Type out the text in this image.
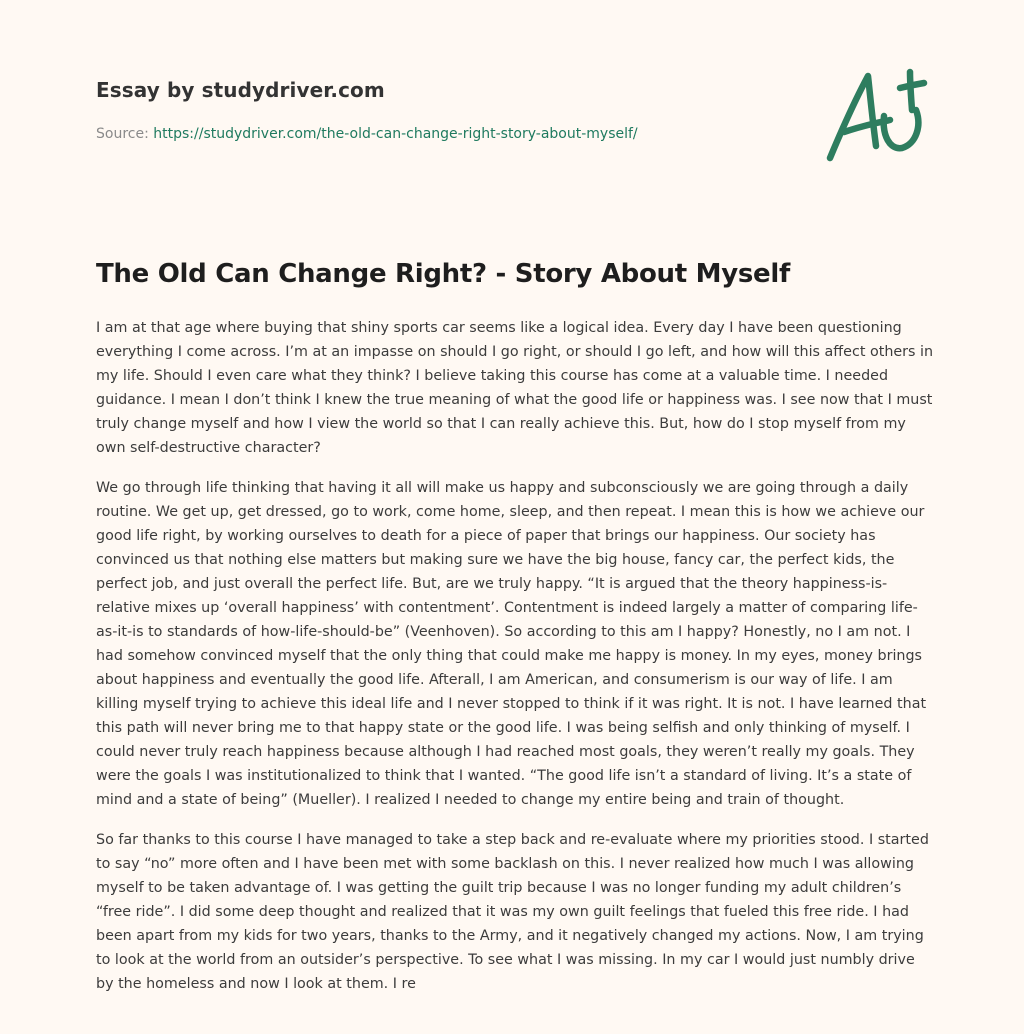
Essay by studydriver.com
Source: https://studydriver.com/the-old-can-change-right-story-about-myself/
The Old Can Change Right? - Story About Myself

I am at that age where buying that shiny sports car seems like a logical idea. Every day I have been questioning everything I come across. I’m at an impasse on should I go right, or should I go left, and how will this affect others in my life. Should I even care what they think? I believe taking this course has come at a valuable time. I needed guidance. I mean I don’t think I knew the true meaning of what the good life or happiness was. I see now that I must truly change myself and how I view the world so that I can really achieve this. But, how do I stop myself from my own self-destructive character?

We go through life thinking that having it all will make us happy and subconsciously we are going through a daily routine. We get up, get dressed, go to work, come home, sleep, and then repeat. I mean this is how we achieve our good life right, by working ourselves to death for a piece of paper that brings our happiness. Our society has convinced us that nothing else matters but making sure we have the big house, fancy car, the perfect kids, the perfect job, and just overall the perfect life. But, are we truly happy. “It is argued that the theory happiness-is-relative mixes up ‘overall happiness’ with contentment’. Contentment is indeed largely a matter of comparing life-as-it-is to standards of how-life-should-be” (Veenhoven). So according to this am I happy? Honestly, no I am not. I had somehow convinced myself that the only thing that could make me happy is money. In my eyes, money brings about happiness and eventually the good life. Afterall, I am American, and consumerism is our way of life. I am killing myself trying to achieve this ideal life and I never stopped to think if it was right. It is not. I have learned that this path will never bring me to that happy state or the good life. I was being selfish and only thinking of myself. I could never truly reach happiness because although I had reached most goals, they weren’t really my goals. They were the goals I was institutionalized to think that I wanted. “The good life isn’t a standard of living. It’s a state of mind and a state of being” (Mueller). I realized I needed to change my entire being and train of thought.

So far thanks to this course I have managed to take a step back and re-evaluate where my priorities stood. I started to say “no” more often and I have been met with some backlash on this. I never realized how much I was allowing myself to be taken advantage of. I was getting the guilt trip because I was no longer funding my adult children’s “free ride”. I did some deep thought and realized that it was my own guilt feelings that fueled this free ride. I had been apart from my kids for two years, thanks to the Army, and it negatively changed my actions. Now, I am trying to look at the world from an outsider’s perspective. To see what I was missing. In my car I would just numbly drive by the homeless and now I look at them. I re
